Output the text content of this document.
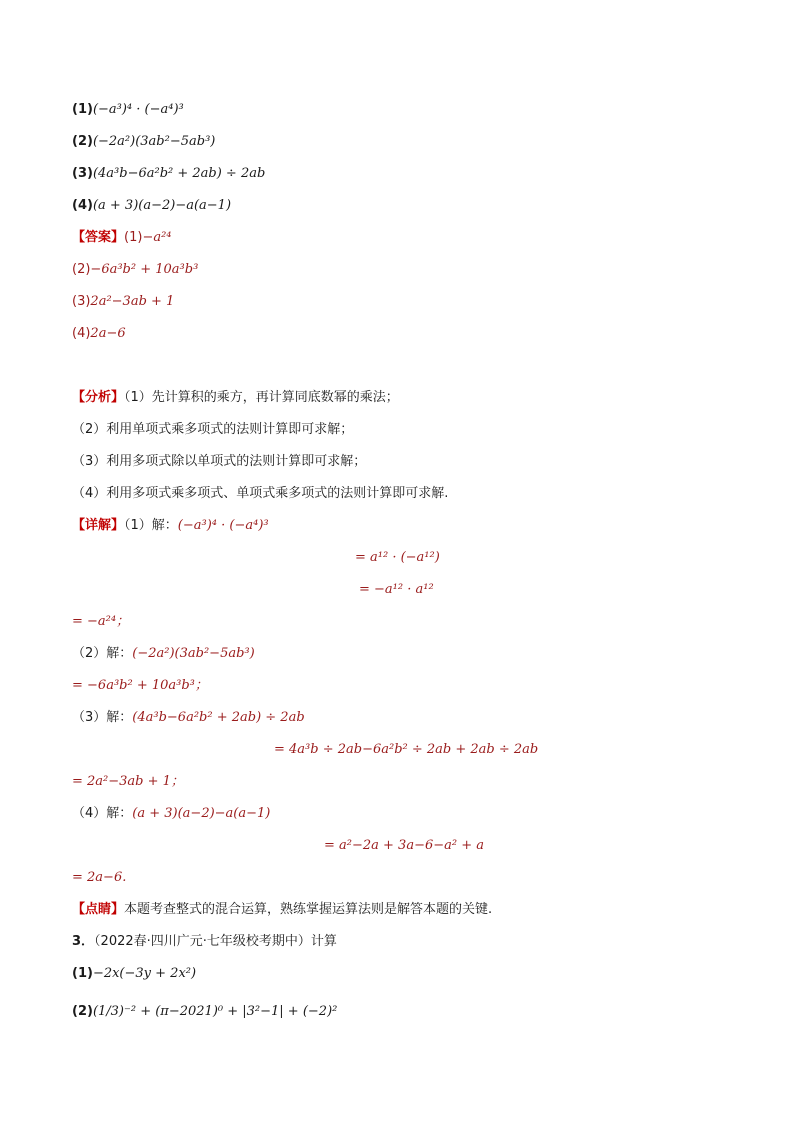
(1)(−a³)⁴ · (−a⁴)³
(2)(−2a²)(3ab²−5ab³)
(3)(4a³b−6a²b² + 2ab) ÷ 2ab
(4)(a + 3)(a−2)−a(a−1)
【答案】(1)−a²⁴
(2)−6a³b² + 10a³b³
(3)2a²−3ab + 1
(4)2a−6
【分析】（1）先计算积的乘方，再计算同底数幂的乘法；
（2）利用单项式乘多项式的法则计算即可求解；
（3）利用多项式除以单项式的法则计算即可求解；
（4）利用多项式乘多项式、单项式乘多项式的法则计算即可求解.
【详解】（1）解：(−a³)⁴ · (−a⁴)³
= a¹² · (−a¹²)
= −a¹² · a¹²
= −a²⁴；
（2）解：(−2a²)(3ab²−5ab³)
= −6a³b² + 10a³b³；
（3）解：(4a³b−6a²b² + 2ab) ÷ 2ab
= 4a³b ÷ 2ab−6a²b² ÷ 2ab + 2ab ÷ 2ab
= 2a²−3ab + 1；
（4）解：(a + 3)(a−2)−a(a−1)
= a²−2a + 3a−6−a² + a
= 2a−6.
【点睛】本题考查整式的混合运算，熟练掌握运算法则是解答本题的关键.
3．（2022春·四川广元·七年级校考期中）计算
(1)−2x(−3y + 2x²)
(2)(1/3)⁻² + (π−2021)⁰ + |3²−1| + (−2)²
